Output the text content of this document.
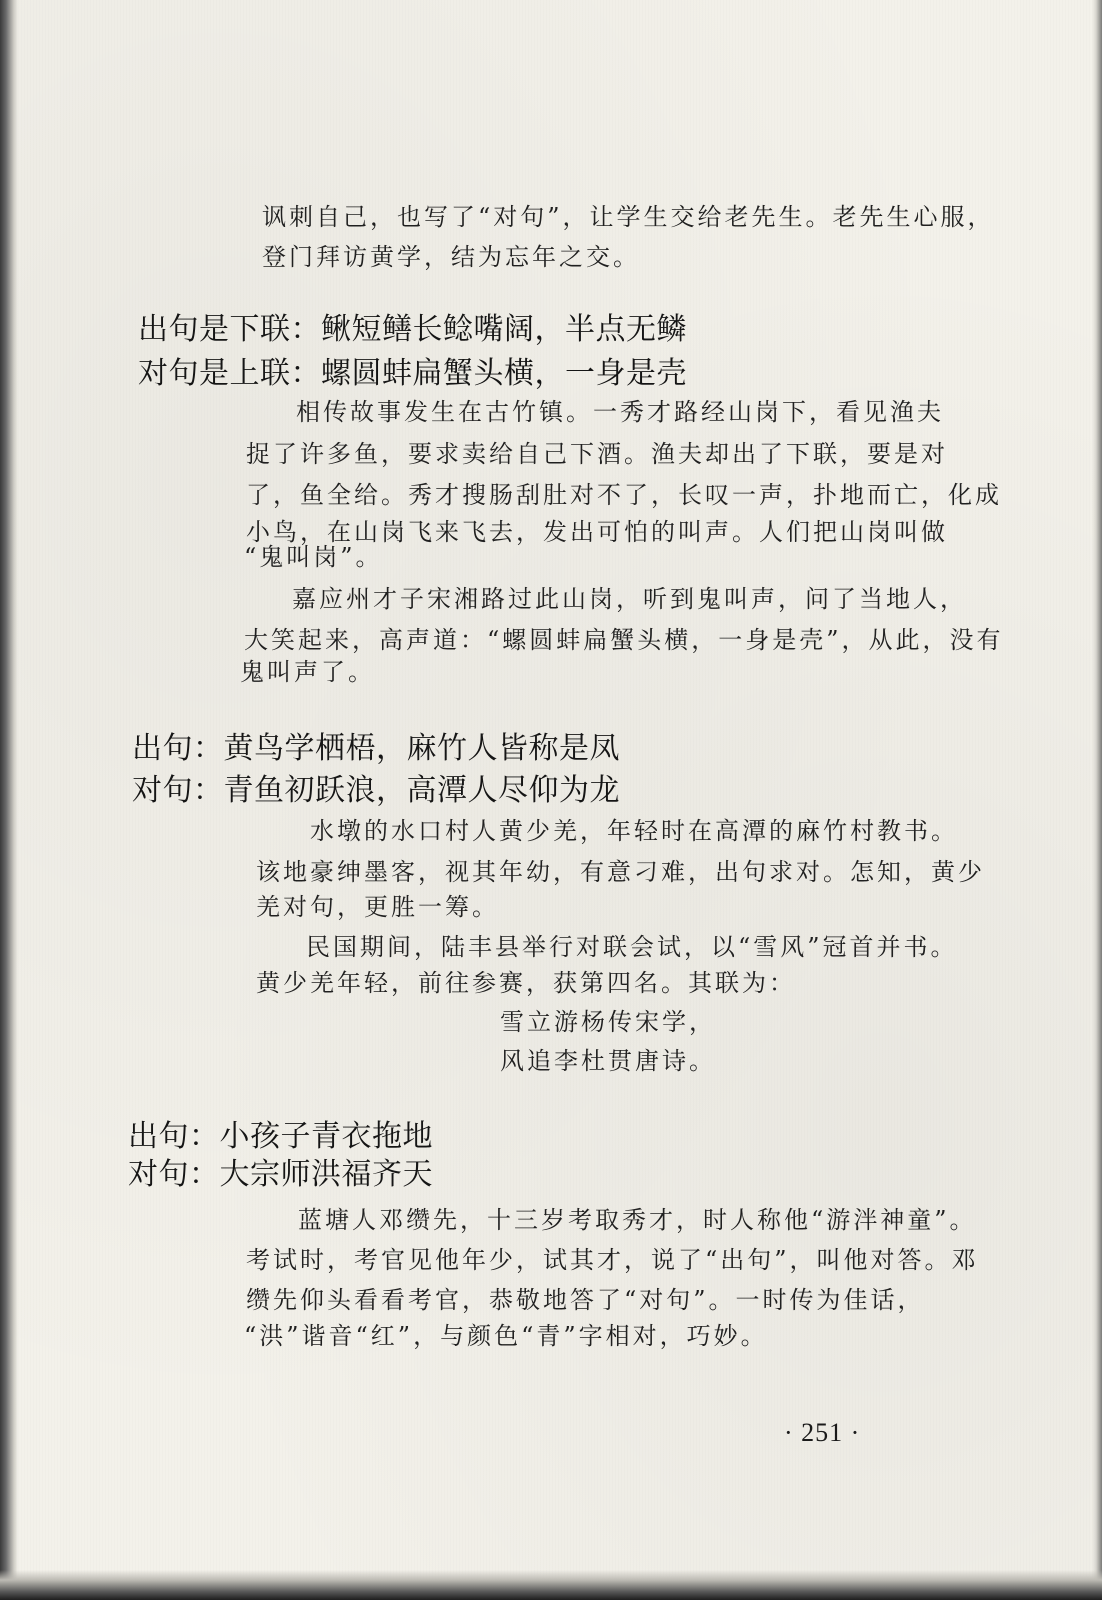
讽刺自己，也写了“对句”，让学生交给老先生。老先生心服，
登门拜访黄学，结为忘年之交。
出句是下联：鳅短鳝长鲶嘴阔，半点无鳞
对句是上联：螺圆蚌扁蟹头横，一身是壳
相传故事发生在古竹镇。一秀才路经山岗下，看见渔夫
捉了许多鱼，要求卖给自己下酒。渔夫却出了下联，要是对
了，鱼全给。秀才搜肠刮肚对不了，长叹一声，扑地而亡，化成
小鸟，在山岗飞来飞去，发出可怕的叫声。人们把山岗叫做
“鬼叫岗”。
嘉应州才子宋湘路过此山岗，听到鬼叫声，问了当地人，
大笑起来，高声道：“螺圆蚌扁蟹头横，一身是壳”，从此，没有
鬼叫声了。
出句：黄鸟学栖梧，麻竹人皆称是凤
对句：青鱼初跃浪，高潭人尽仰为龙
水墩的水口村人黄少羌，年轻时在高潭的麻竹村教书。
该地豪绅墨客，视其年幼，有意刁难，出句求对。怎知，黄少
羌对句，更胜一筹。
民国期间，陆丰县举行对联会试，以“雪风”冠首并书。
黄少羌年轻，前往参赛，获第四名。其联为：
雪立游杨传宋学，
风追李杜贯唐诗。
出句：小孩子青衣拖地
对句：大宗师洪福齐天
蓝塘人邓缵先，十三岁考取秀才，时人称他“游泮神童”。
考试时，考官见他年少，试其才，说了“出句”，叫他对答。邓
缵先仰头看看考官，恭敬地答了“对句”。一时传为佳话，
“洪”谐音“红”，与颜色“青”字相对，巧妙。
· 251 ·
